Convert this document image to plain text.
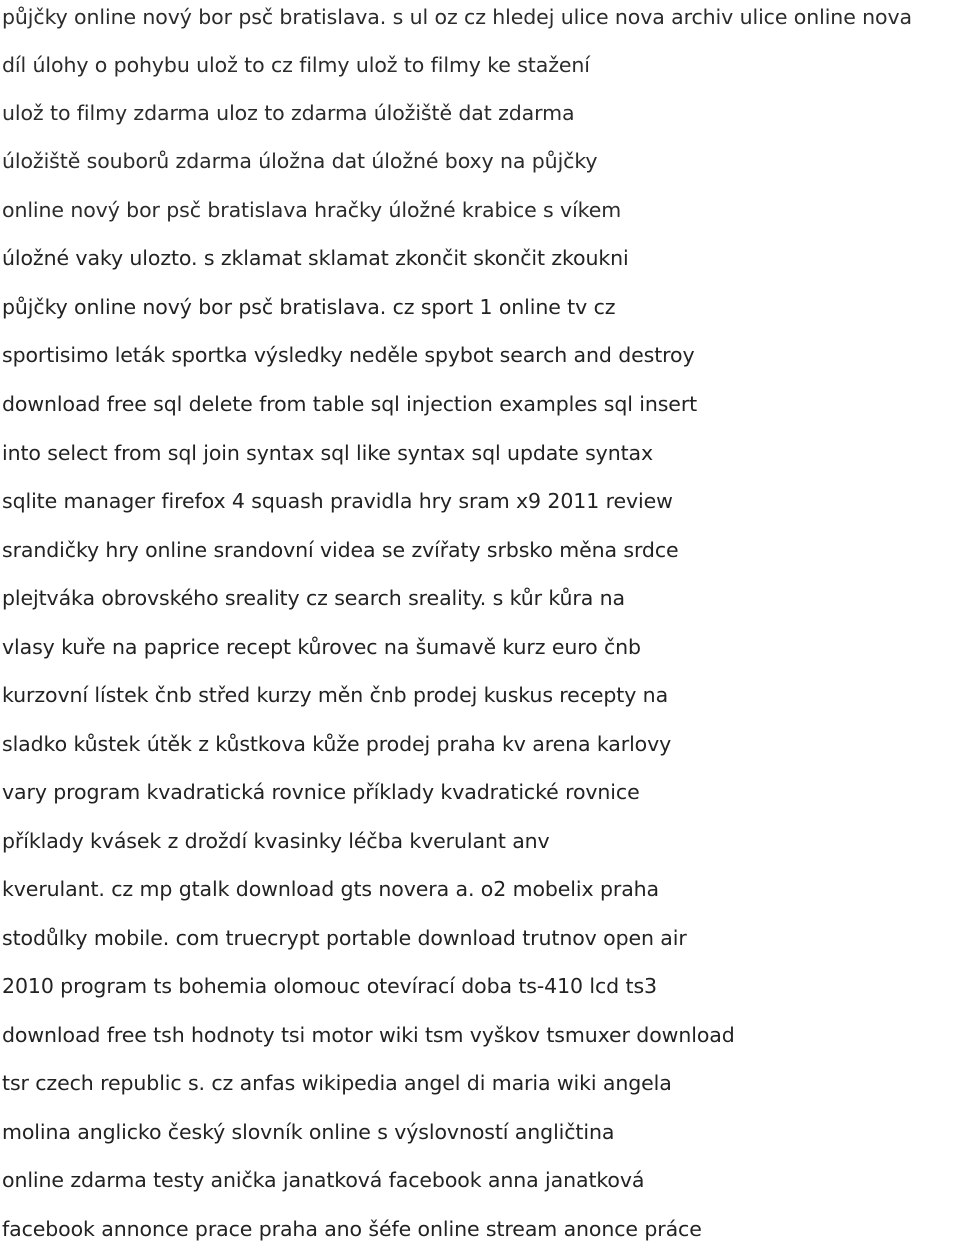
půjčky online nový bor psč bratislava. s ul oz cz hledej ulice nova archiv ulice online nova
díl úlohy o pohybu ulož to cz filmy ulož to filmy ke stažení
ulož to filmy zdarma uloz to zdarma úložiště dat zdarma
úložiště souborů zdarma úložna dat úložné boxy na půjčky
online nový bor psč bratislava hračky úložné krabice s víkem
úložné vaky ulozto. s zklamat sklamat zkončit skončit zkoukni
půjčky online nový bor psč bratislava. cz sport 1 online tv cz
sportisimo leták sportka výsledky neděle spybot search and destroy
download free sql delete from table sql injection examples sql insert
into select from sql join syntax sql like syntax sql update syntax
sqlite manager firefox 4 squash pravidla hry sram x9 2011 review
srandičky hry online srandovní videa se zvířaty srbsko měna srdce
plejtváka obrovského sreality cz search sreality. s kůr kůra na
vlasy kuře na paprice recept kůrovec na šumavě kurz euro čnb
kurzovní lístek čnb střed kurzy měn čnb prodej kuskus recepty na
sladko kůstek útěk z kůstkova kůže prodej praha kv arena karlovy
vary program kvadratická rovnice příklady kvadratické rovnice
příklady kvásek z droždí kvasinky léčba kverulant anv
kverulant. cz mp gtalk download gts novera a. o2 mobelix praha
stodůlky mobile. com truecrypt portable download trutnov open air
2010 program ts bohemia olomouc otevírací doba ts-410 lcd ts3
download free tsh hodnoty tsi motor wiki tsm vyškov tsmuxer download
tsr czech republic s. cz anfas wikipedia angel di maria wiki angela
molina anglicko český slovník online s výslovností angličtina
online zdarma testy anička janatková facebook anna janatková
facebook annonce prace praha ano šéfe online stream anonce práce
